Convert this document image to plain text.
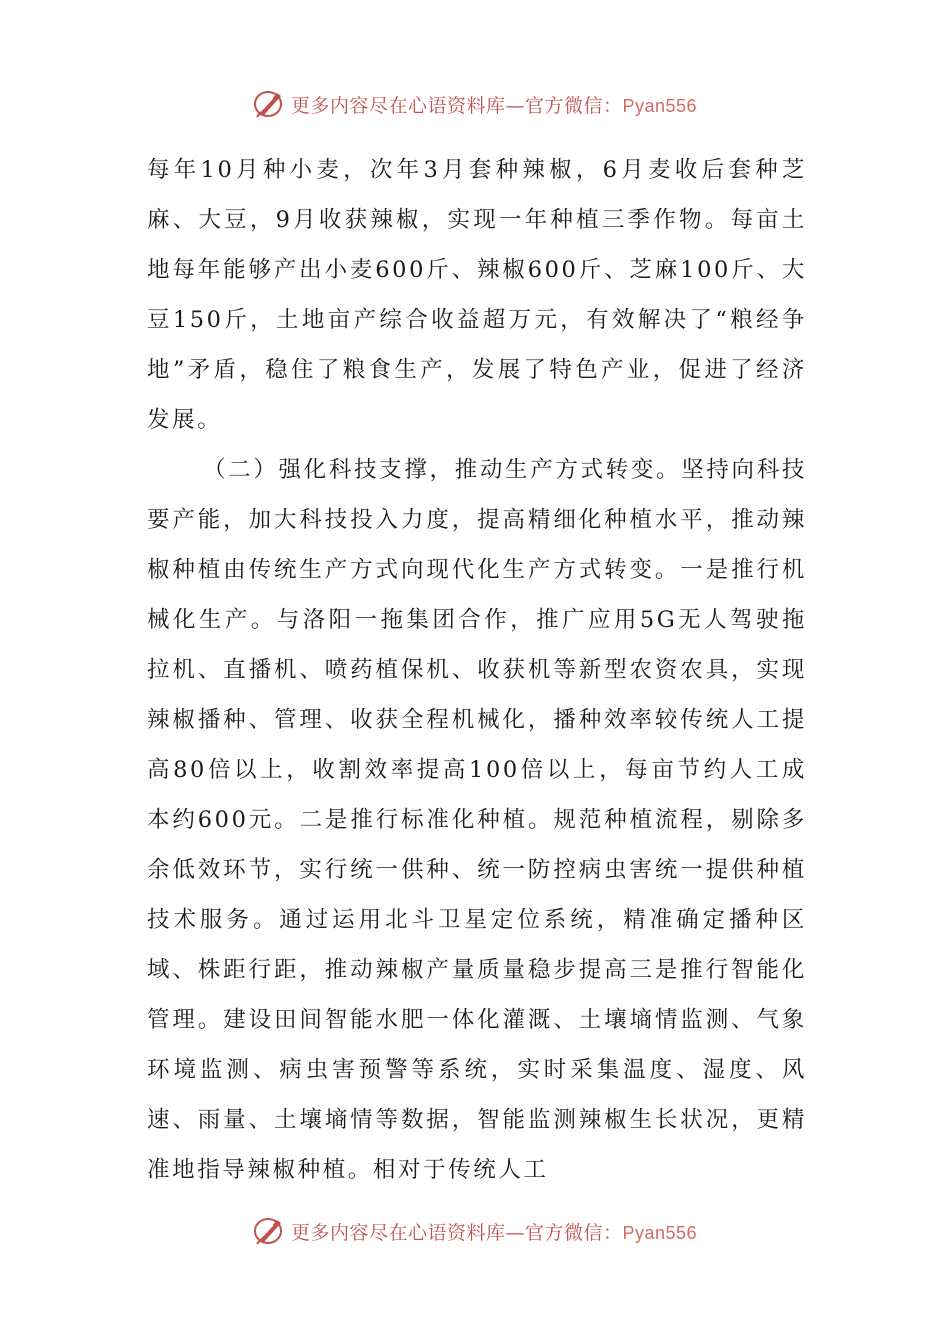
更多内容尽在心语资料库—官方微信：Pyan556

每年10月种小麦，次年3月套种辣椒，6月麦收后套种芝麻、大豆，9月收获辣椒，实现一年种植三季作物。每亩土地每年能够产出小麦600斤、辣椒600斤、芝麻100斤、大豆150斤，土地亩产综合收益超万元，有效解决了“粮经争地”矛盾，稳住了粮食生产，发展了特色产业，促进了经济发展。

（二）强化科技支撑，推动生产方式转变。坚持向科技要产能，加大科技投入力度，提高精细化种植水平，推动辣椒种植由传统生产方式向现代化生产方式转变。一是推行机械化生产。与洛阳一拖集团合作，推广应用5G无人驾驶拖拉机、直播机、喷药植保机、收获机等新型农资农具，实现辣椒播种、管理、收获全程机械化，播种效率较传统人工提高80倍以上，收割效率提高100倍以上，每亩节约人工成本约600元。二是推行标准化种植。规范种植流程，剔除多余低效环节，实行统一供种、统一防控病虫害统一提供种植技术服务。通过运用北斗卫星定位系统，精准确定播种区域、株距行距，推动辣椒产量质量稳步提高三是推行智能化管理。建设田间智能水肥一体化灌溉、土壤墒情监测、气象环境监测、病虫害预警等系统，实时采集温度、湿度、风速、雨量、土壤墒情等数据，智能监测辣椒生长状况，更精准地指导辣椒种植。相对于传统人工

更多内容尽在心语资料库—官方微信：Pyan556
